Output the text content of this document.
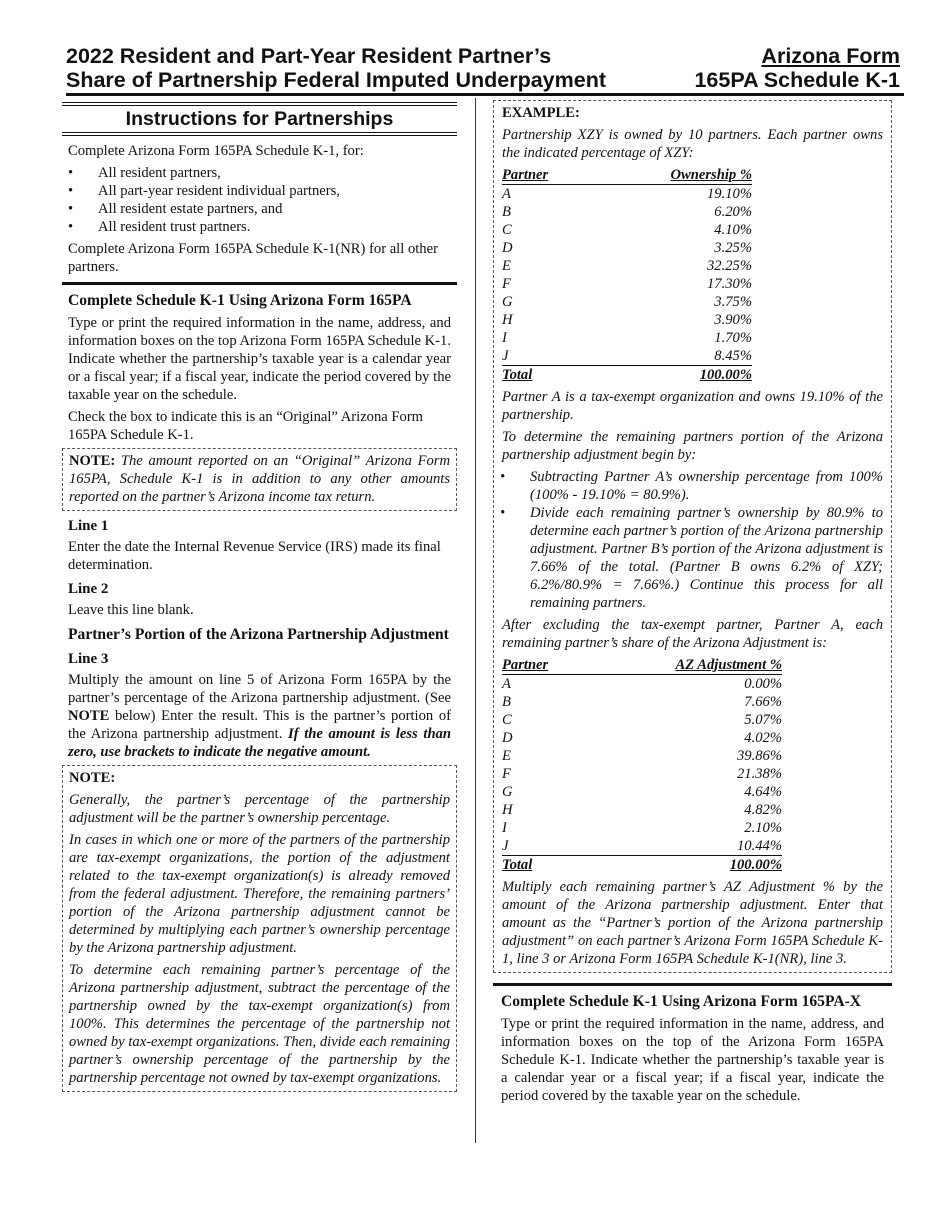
2022 Resident and Part-Year Resident Partner’s
Share of Partnership Federal Imputed Underpayment
Arizona Form
165PA Schedule K-1
Instructions for Partnerships

Complete Arizona Form 165PA Schedule K-1, for:

• All resident partners,
• All part-year resident individual partners,
• All resident estate partners, and
• All resident trust partners.

Complete Arizona Form 165PA Schedule K-1(NR) for all other partners.

Complete Schedule K-1 Using Arizona Form 165PA

Type or print the required information in the name, address, and information boxes on the top Arizona Form 165PA Schedule K-1. Indicate whether the partnership’s taxable year is a calendar year or a fiscal year; if a fiscal year, indicate the period covered by the taxable year on the schedule.

Check the box to indicate this is an “Original” Arizona Form 165PA Schedule K-1.

NOTE: The amount reported on an “Original” Arizona Form 165PA, Schedule K-1 is in addition to any other amounts reported on the partner’s Arizona income tax return.
Line 1

Enter the date the Internal Revenue Service (IRS) made its final determination.

Line 2

Leave this line blank.

Partner’s Portion of the Arizona Partnership Adjustment
Line 3

Multiply the amount on line 5 of Arizona Form 165PA by the partner’s percentage of the Arizona partnership adjustment. (See NOTE below) Enter the result. This is the partner’s portion of the Arizona partnership adjustment. If the amount is less than zero, use brackets to indicate the negative amount.

NOTE:

Generally, the partner’s percentage of the partnership adjustment will be the partner’s ownership percentage.

In cases in which one or more of the partners of the partnership are tax-exempt organizations, the portion of the adjustment related to the tax-exempt organization(s) is already removed from the federal adjustment. Therefore, the remaining partners’ portion of the Arizona partnership adjustment cannot be determined by multiplying each partner’s ownership percentage by the Arizona partnership adjustment.

To determine each remaining partner’s percentage of the Arizona partnership adjustment, subtract the percentage of the partnership owned by the tax-exempt organization(s) from 100%. This determines the percentage of the partnership not owned by tax-exempt organizations. Then, divide each remaining partner’s ownership percentage of the partnership by the partnership percentage not owned by tax-exempt organizations.

EXAMPLE:

Partnership XZY is owned by 10 partners. Each partner owns the indicated percentage of XZY:

Partner	Ownership %
A	19.10%
B	6.20%
C	4.10%
D	3.25%
E	32.25%
F	17.30%
G	3.75%
H	3.90%
I	1.70%
J	8.45%
Total	100.00%

Partner A is a tax-exempt organization and owns 19.10% of the partnership.

To determine the remaining partners portion of the Arizona partnership adjustment begin by:

• Subtracting Partner A’s ownership percentage from 100% (100% - 19.10% = 80.9%).
• Divide each remaining partner’s ownership by 80.9% to determine each partner’s portion of the Arizona partnership adjustment. Partner B’s portion of the Arizona adjustment is 7.66% of the total. (Partner B owns 6.2% of XZY; 6.2%/80.9% = 7.66%.) Continue this process for all remaining partners.

After excluding the tax-exempt partner, Partner A, each remaining partner’s share of the Arizona Adjustment is:

Partner	AZ Adjustment %
A	0.00%
B	7.66%
C	5.07%
D	4.02%
E	39.86%
F	21.38%
G	4.64%
H	4.82%
I	2.10%
J	10.44%
Total	100.00%

Multiply each remaining partner’s AZ Adjustment % by the amount of the Arizona partnership adjustment. Enter that amount as the “Partner’s portion of the Arizona partnership adjustment” on each partner’s Arizona Form 165PA Schedule K-1, line 3 or Arizona Form 165PA Schedule K-1(NR), line 3.

Complete Schedule K-1 Using Arizona Form 165PA-X

Type or print the required information in the name, address, and information boxes on the top of the Arizona Form 165PA Schedule K-1. Indicate whether the partnership’s taxable year is a calendar year or a fiscal year; if a fiscal year, indicate the period covered by the taxable year on the schedule.
